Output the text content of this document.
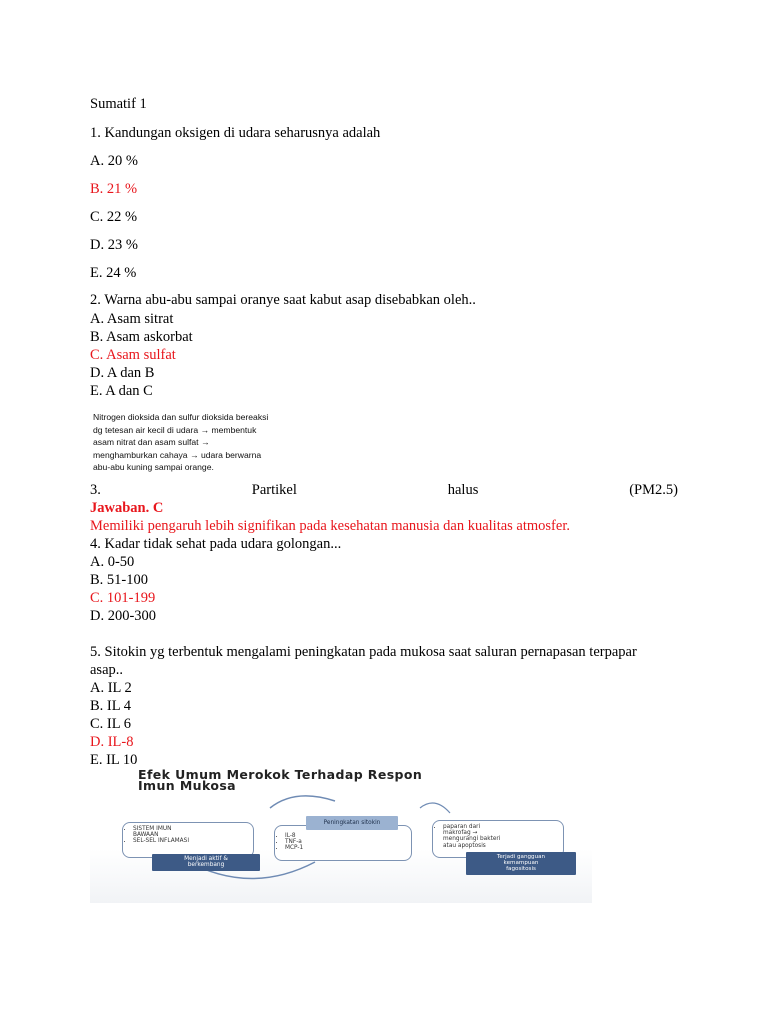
Sumatif 1
1. Kandungan oksigen di udara seharusnya adalah
A. 20 %
B. 21 %
C. 22 %
D. 23 %
E. 24 %
2. Warna abu-abu sampai oranye saat kabut asap disebabkan oleh..
A. Asam sitrat
B. Asam askorbat
C. Asam sulfat
D. A dan B
E. A dan C
Nitrogen dioksida dan sulfur dioksida bereaksi
dg tetesan air kecil di udara → membentuk
asam nitrat dan asam sulfat →
menghamburkan cahaya → udara berwarna
abu-abu kuning sampai orange.
3.	Partikel	halus	(PM2.5)
Jawaban. C
Memiliki pengaruh lebih signifikan pada kesehatan manusia dan kualitas atmosfer.
4. Kadar tidak sehat pada udara golongan...
A. 0-50
B. 51-100
C. 101-199
D. 200-300
5. Sitokin yg terbentuk mengalami peningkatan pada mukosa saat saluran pernapasan terpapar
asap..
A. IL 2
B. IL 4
C. IL 6
D. IL-8
E. IL 10
Efek Umum Merokok Terhadap Respon
Imun Mukosa
• SISTEM IMUN
BAWAAN
• SEL-SEL INFLAMASI
Menjadi aktif &
berkembang
• IL-8
• TNF-a
• MCP-1
Peningkatan sitokin
• paparan dari
makrofag →
mengurangi bakteri
atau apoptosis
Terjadi gangguan
kemampuan
fagositosis
